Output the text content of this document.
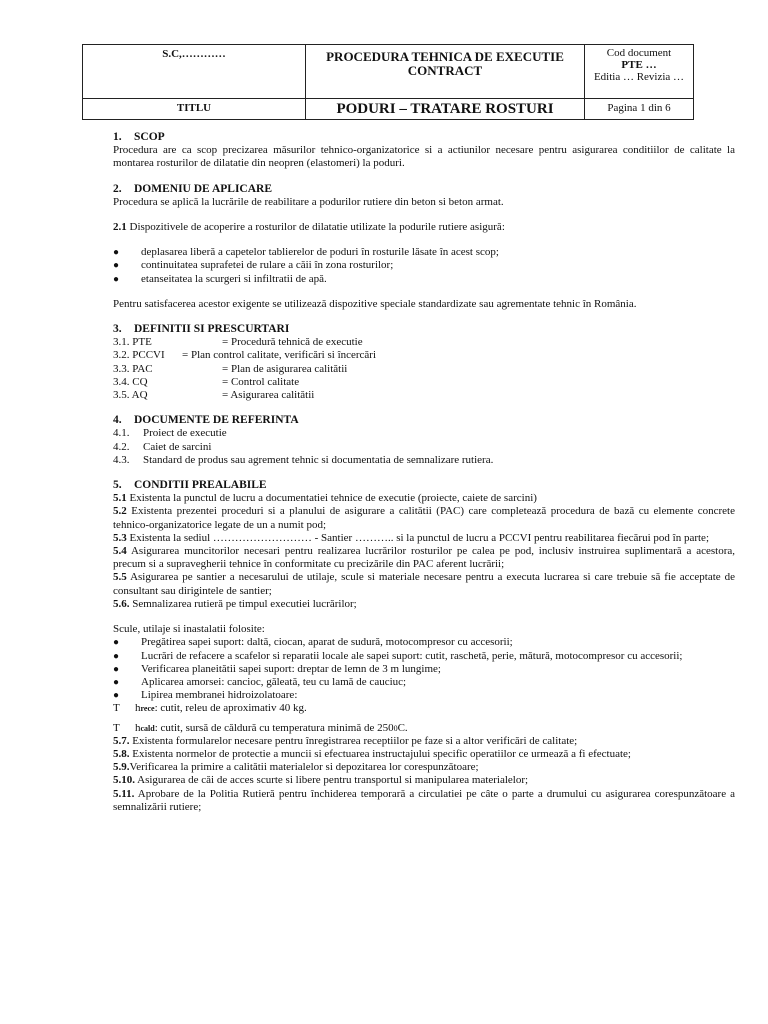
S.C,…………	PROCEDURA TEHNICA DE EXECUTIE CONTRACT	Cod document
PTE …
Editia … Revizia …

TITLU	PODURI – TRATARE ROSTURI	Pagina 1 din 6
1. SCOP

Procedura are ca scop precizarea măsurilor tehnico-organizatorice si a actiunilor necesare pentru asigurarea conditiilor de calitate la montarea rosturilor de dilatatie din neopren (elastomeri) la poduri.

2. DOMENIU DE APLICARE

Procedura se aplică la lucrările de reabilitare a podurilor rutiere din beton si beton armat.

2.1 Dispozitivele de acoperire a rosturilor de dilatatie utilizate la podurile rutiere asigură:

●	deplasarea liberă a capetelor tablierelor de poduri în rosturile lăsate în acest scop;
●	continuitatea suprafetei de rulare a căii în zona rosturilor;
●	etanseitatea la scurgeri si infiltratii de apă.

Pentru satisfacerea acestor exigente se utilizează dispozitive speciale standardizate sau agrementate tehnic în România.

3. DEFINITII SI PRESCURTARI
3.1. PTE	= Procedură tehnică de executie
3.2. PCCVI	= Plan control calitate, verificări si încercări
3.3. PAC	= Plan de asigurarea calitătii
3.4. CQ	= Control calitate
3.5. AQ	= Asigurarea calitătii
4. DOCUMENTE DE REFERINTA
4.1.	Proiect de executie
4.2.	Caiet de sarcini
4.3.	Standard de produs sau agrement tehnic si documentatia de semnalizare rutiera.
5. CONDITII PREALABILE

5.1 Existenta la punctul de lucru a documentatiei tehnice de executie (proiecte, caiete de sarcini)

5.2 Existenta prezentei proceduri si a planului de asigurare a calitătii (PAC) care completează procedura de bază cu elemente concrete tehnico-organizatorice legate de un a numit pod;

5.3 Existenta la sediul ……………………… - Santier ……….. si la punctul de lucru a PCCVI pentru reabilitarea fiecărui pod în parte;

5.4 Asigurarea muncitorilor necesari pentru realizarea lucrărilor rosturilor pe calea pe pod, inclusiv instruirea suplimentară a acestora, precum si a supravegherii tehnice în conformitate cu precizările din PAC aferent lucrării;

5.5 Asigurarea pe santier a necesarului de utilaje, scule si materiale necesare pentru a executa lucrarea si care trebuie să fie acceptate de consultant sau dirigintele de santier;

5.6. Semnalizarea rutieră pe timpul executiei lucrărilor;

Scule, utilaje si inastalatii folosite:

●	Pregătirea sapei suport: daltă, ciocan, aparat de sudură, motocompresor cu accesorii;
●	Lucrări de refacere a scafelor si reparatii locale ale sapei suport: cutit, raschetă, perie, mătură, motocompresor cu accesorii;
●	Verificarea planeitătii sapei suport: dreptar de lemn de 3 m lungime;
●	Aplicarea amorsei: cancioc, găleată, teu cu lamă de cauciuc;
●	Lipirea membranei hidroizolatoare:
T	h rece : cutit, releu de aproximativ 40 kg.
T	h cald : cutit, sursă de căldură cu temperatura minimă de 250 0 C.

5.7. Existenta formularelor necesare pentru înregistrarea receptiilor pe faze si a altor verificări de calitate;

5.8. Existenta normelor de protectie a muncii si efectuarea instructajului specific operatiilor ce urmează a fi efectuate;

5.9.Verificarea la primire a calitătii materialelor si depozitarea lor corespunzătoare;

5.10. Asigurarea de căi de acces scurte si libere pentru transportul si manipularea materialelor;

5.11. Aprobare de la Politia Rutieră pentru închiderea temporară a circulatiei pe câte o parte a drumului cu asigurarea corespunzătoare a semnalizării rutiere;
